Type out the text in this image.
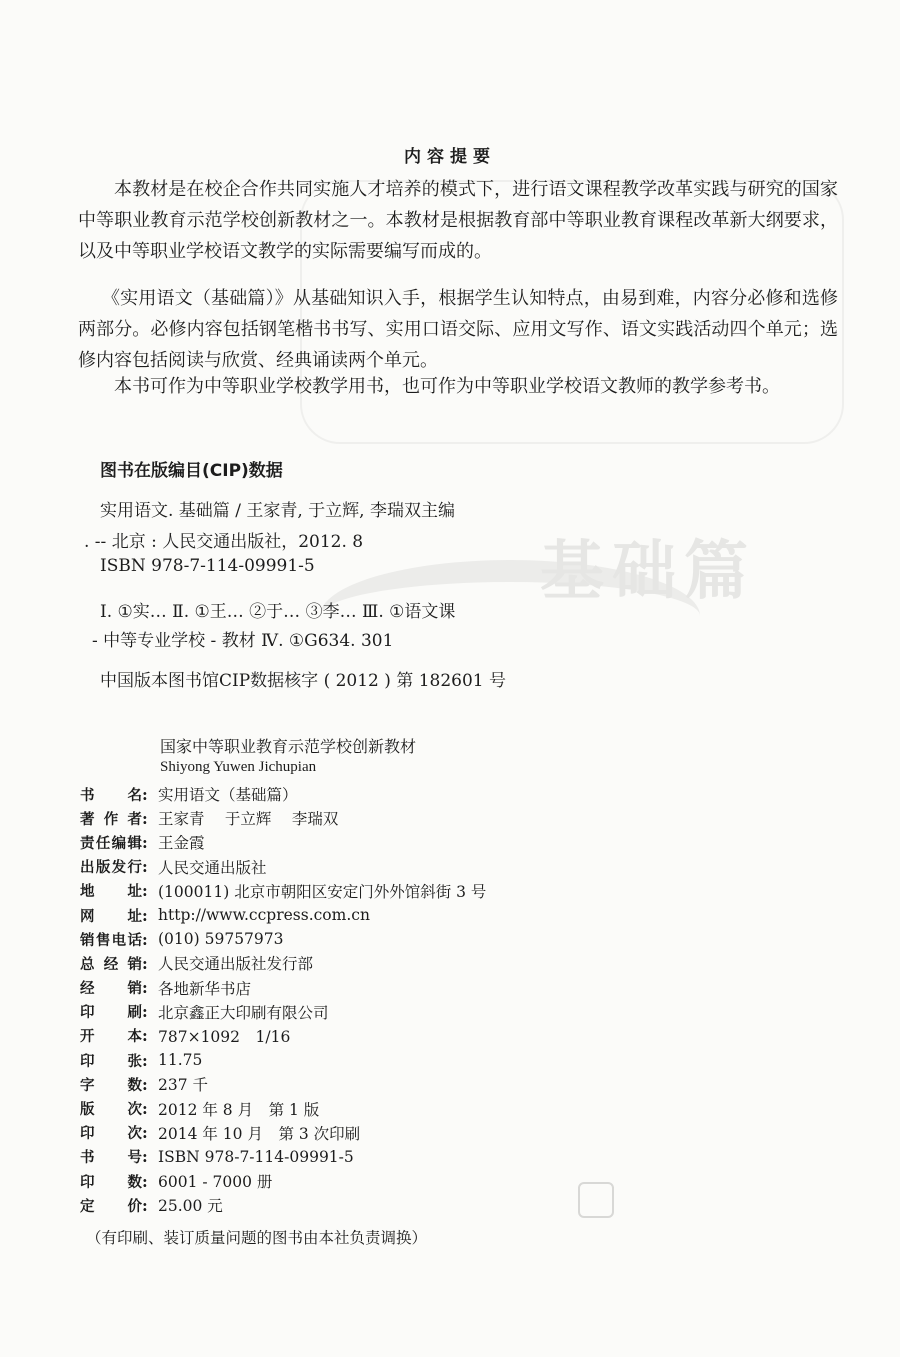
基础篇
内容提要
本教材是在校企合作共同实施人才培养的模式下，进行语文课程教学改革实践与研究的国家中等职业教育示范学校创新教材之一。本教材是根据教育部中等职业教育课程改革新大纲要求，以及中等职业学校语文教学的实际需要编写而成的。
《实用语文（基础篇）》从基础知识入手，根据学生认知特点，由易到难，内容分必修和选修两部分。必修内容包括钢笔楷书书写、实用口语交际、应用文写作、语文实践活动四个单元；选修内容包括阅读与欣赏、经典诵读两个单元。
本书可作为中等职业学校教学用书，也可作为中等职业学校语文教师的教学参考书。
图书在版编目(CIP)数据
实用语文. 基础篇 / 王家青, 于立辉, 李瑞双主编
. -- 北京 : 人民交通出版社，2012. 8
ISBN 978-7-114-09991-5
Ⅰ. ①实… Ⅱ. ①王… ②于… ③李… Ⅲ. ①语文课
- 中等专业学校 - 教材 Ⅳ. ①G634. 301
中国版本图书馆CIP数据核字 ( 2012 ) 第 182601 号
国家中等职业教育示范学校创新教材
Shiyong Yuwen Jichupian
书名 : 实用语文（基础篇）
著作者 : 王家青　 于立辉　 李瑞双
责任编辑 : 王金霞
出版发行 : 人民交通出版社
地址 : (100011) 北京市朝阳区安定门外外馆斜街 3 号
网址 : http://www.ccpress.com.cn
销售电话 : (010) 59757973
总经销 : 人民交通出版社发行部
经销 : 各地新华书店
印刷 : 北京鑫正大印刷有限公司
开本 : 787×1092　1/16
印张 : 11.75
字数 : 237 千
版次 : 2012 年 8 月　第 1 版
印次 : 2014 年 10 月　第 3 次印刷
书号 : ISBN 978-7-114-09991-5
印数 : 6001 - 7000 册
定价 : 25.00 元
（有印刷、装订质量问题的图书由本社负责调换）
